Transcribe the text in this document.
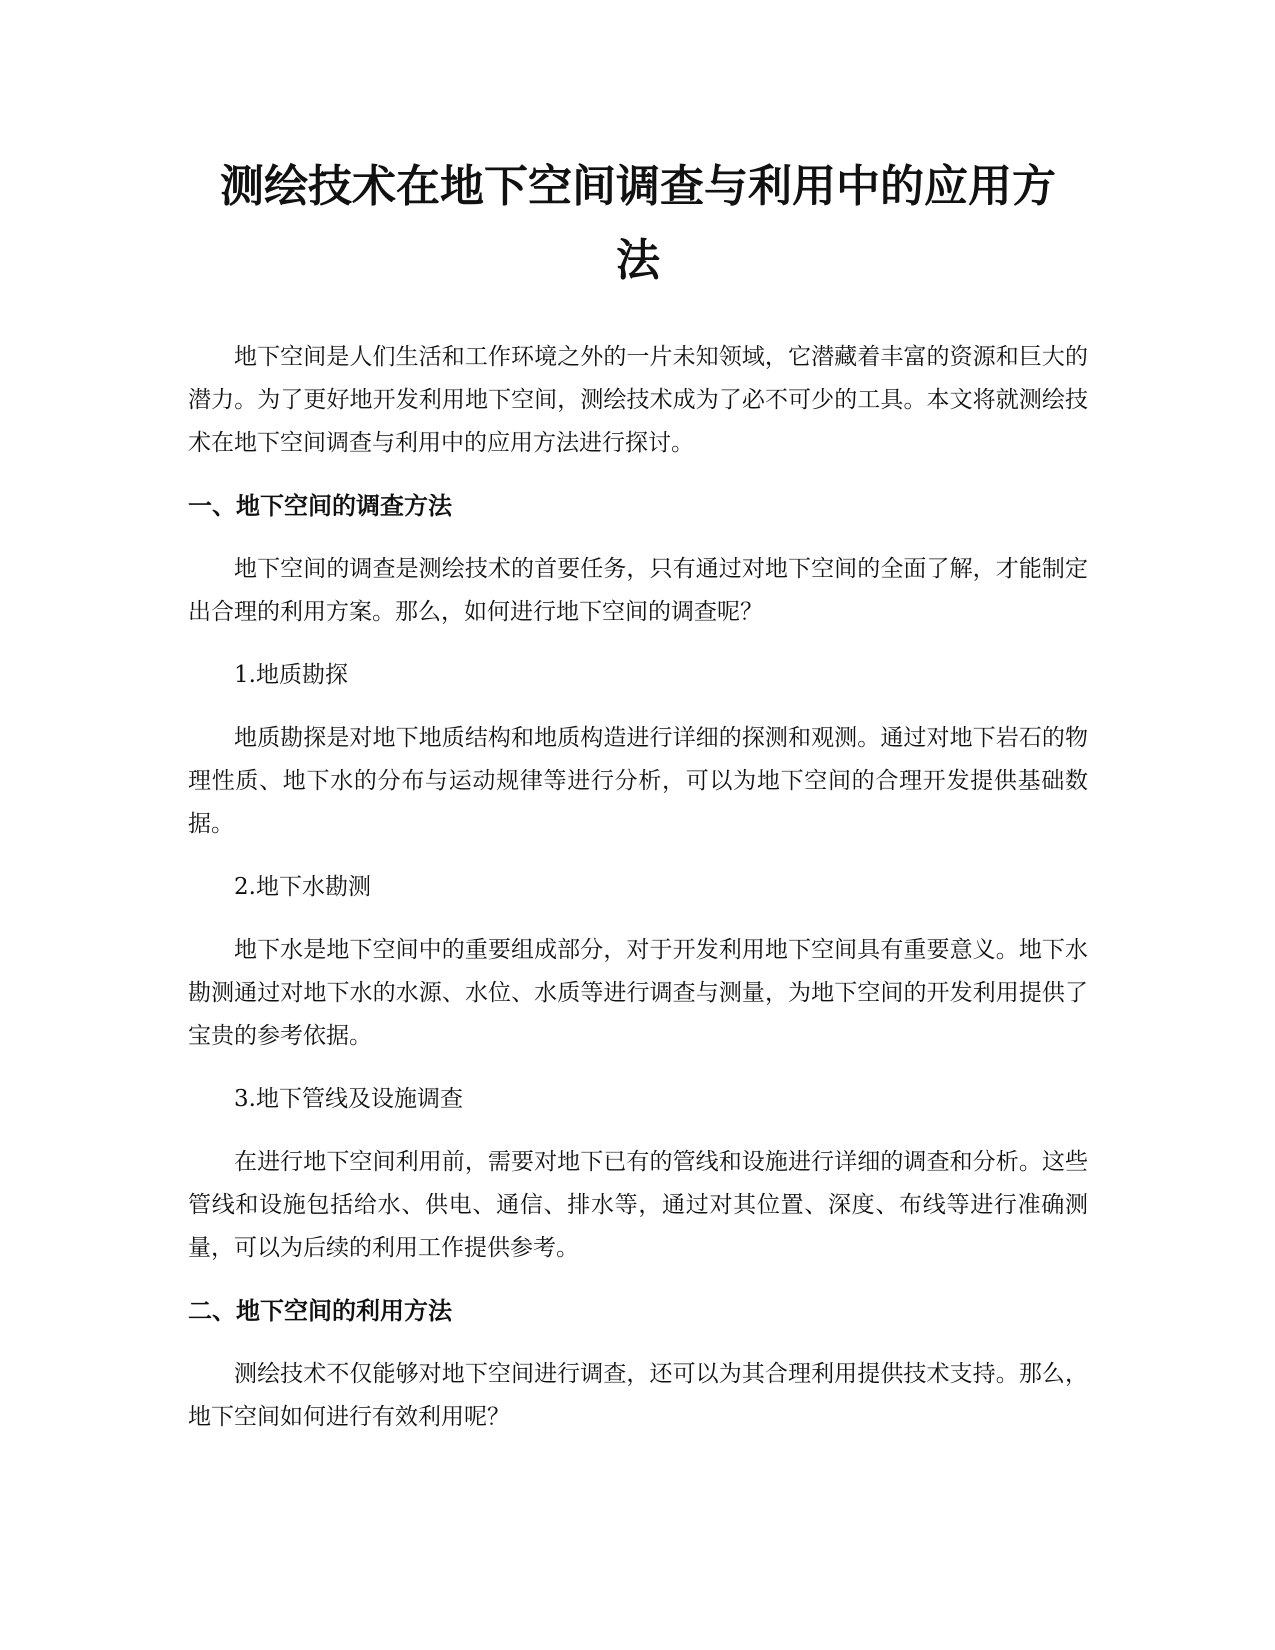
测绘技术在地下空间调查与利用中的应用方
法

地下空间是人们生活和工作环境之外的一片未知领域，它潜藏着丰富的资源和巨大的潜力。为了更好地开发利用地下空间，测绘技术成为了必不可少的工具。本文将就测绘技术在地下空间调查与利用中的应用方法进行探讨。

一、地下空间的调查方法

地下空间的调查是测绘技术的首要任务，只有通过对地下空间的全面了解，才能制定出合理的利用方案。那么，如何进行地下空间的调查呢？

1.地质勘探

地质勘探是对地下地质结构和地质构造进行详细的探测和观测。通过对地下岩石的物理性质、地下水的分布与运动规律等进行分析，可以为地下空间的合理开发提供基础数据。

2.地下水勘测

地下水是地下空间中的重要组成部分，对于开发利用地下空间具有重要意义。地下水勘测通过对地下水的水源、水位、水质等进行调查与测量，为地下空间的开发利用提供了宝贵的参考依据。

3.地下管线及设施调查

在进行地下空间利用前，需要对地下已有的管线和设施进行详细的调查和分析。这些管线和设施包括给水、供电、通信、排水等，通过对其位置、深度、布线等进行准确测量，可以为后续的利用工作提供参考。

二、地下空间的利用方法

测绘技术不仅能够对地下空间进行调查，还可以为其合理利用提供技术支持。那么，地下空间如何进行有效利用呢？
